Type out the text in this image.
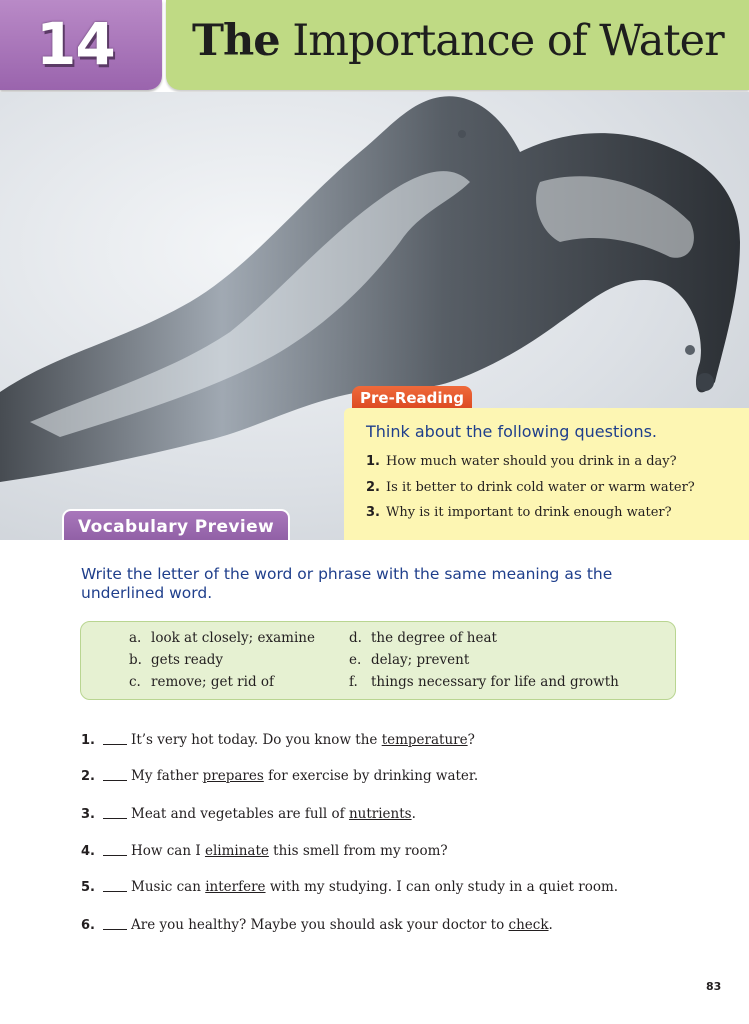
14 The Importance of Water
Pre-Reading
Think about the following questions.
1. How much water should you drink in a day?
2. Is it better to drink cold water or warm water?
3. Why is it important to drink enough water?
Vocabulary Preview

Write the letter of the word or phrase with the same meaning as the underlined word.

a. look at closely; examine
b. gets ready
c. remove; get rid of
d. the degree of heat
e. delay; prevent
f. things necessary for life and growth
1.	It’s very hot today. Do you know the temperature?
2.	My father prepares for exercise by drinking water.
3.	Meat and vegetables are full of nutrients.
4.	How can I eliminate this smell from my room?
5.	Music can interfere with my studying. I can only study in a quiet room.
6.	Are you healthy? Maybe you should ask your doctor to check.
83
